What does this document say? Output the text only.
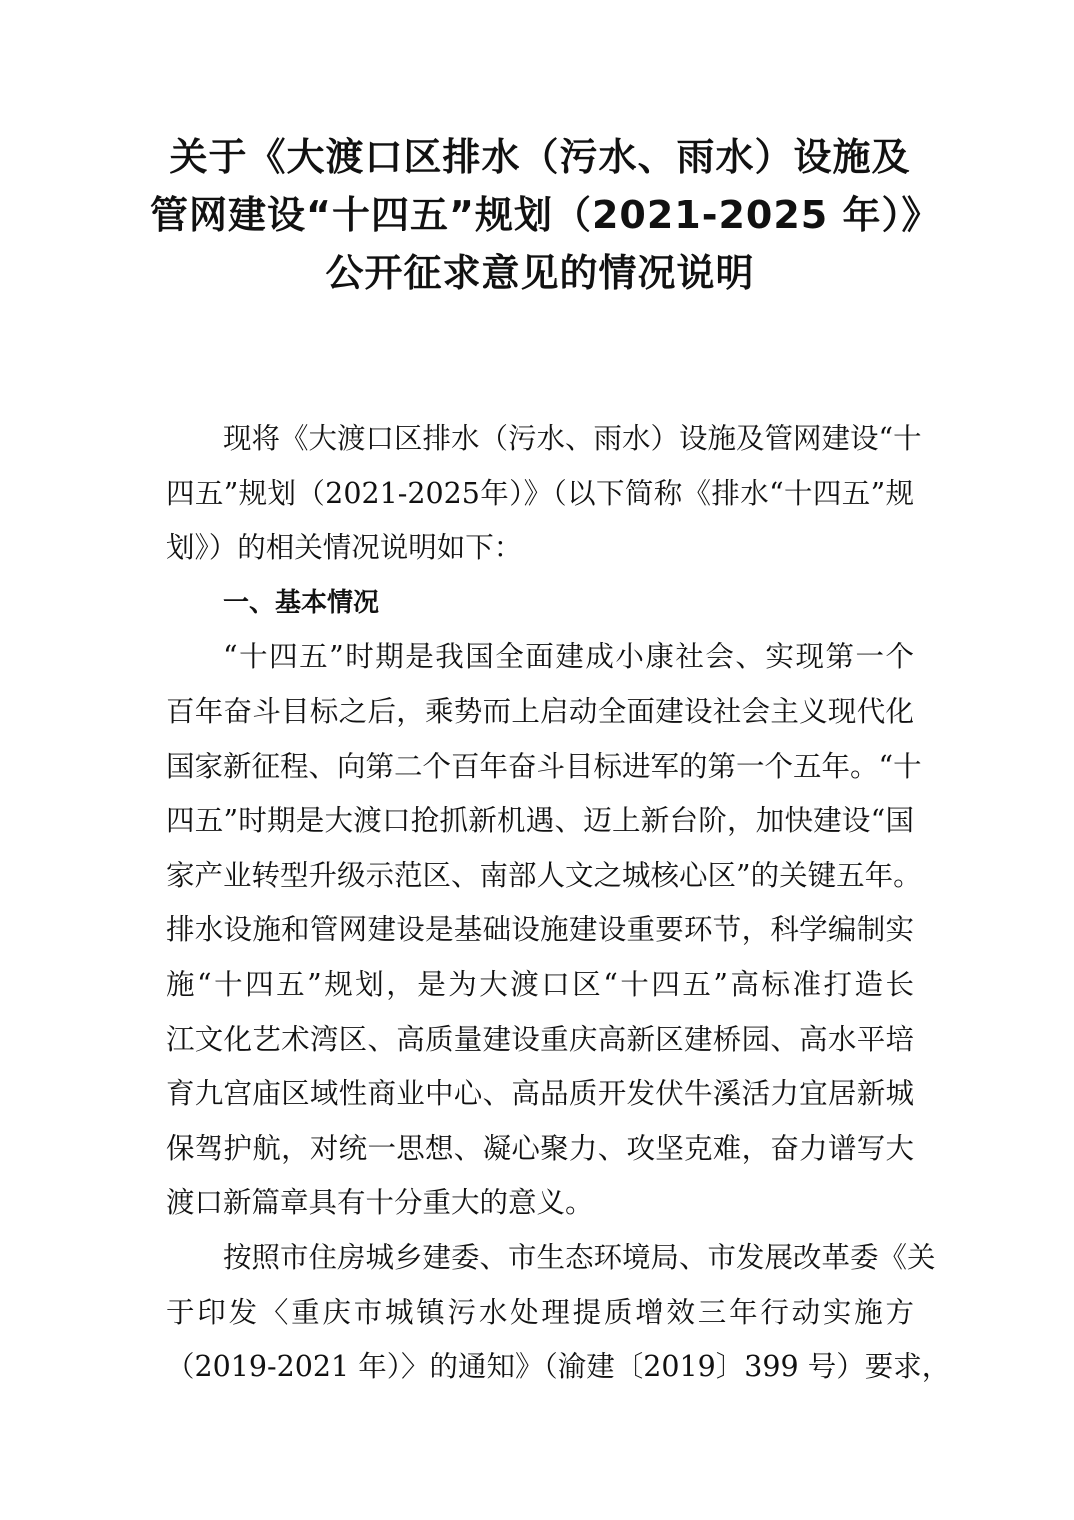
关于《大渡口区排水（污水、雨水）设施及
管网建设“十四五”规划（2021-2025 年）》
公开征求意见的情况说明
现将《大渡口区排水（污水、雨水）设施及管网建设“十
四五”规划（2021-2025年）》（以下简称《排水“十四五”规
划》）的相关情况说明如下：
一、基本情况
“十四五”时期是我国全面建成小康社会、实现第一个
百年奋斗目标之后，乘势而上启动全面建设社会主义现代化
国家新征程、向第二个百年奋斗目标进军的第一个五年。“十
四五”时期是大渡口抢抓新机遇、迈上新台阶，加快建设“国
家产业转型升级示范区、南部人文之城核心区”的关键五年。
排水设施和管网建设是基础设施建设重要环节，科学编制实
施“十四五”规划，是为大渡口区“十四五”高标准打造长
江文化艺术湾区、高质量建设重庆高新区建桥园、高水平培
育九宫庙区域性商业中心、高品质开发伏牛溪活力宜居新城
保驾护航，对统一思想、凝心聚力、攻坚克难，奋力谱写大
渡口新篇章具有十分重大的意义。
按照市住房城乡建委、市生态环境局、市发展改革委《关
于印发〈重庆市城镇污水处理提质增效三年行动实施方
（2019-2021 年）〉的通知》（渝建〔2019〕399 号）要求，
